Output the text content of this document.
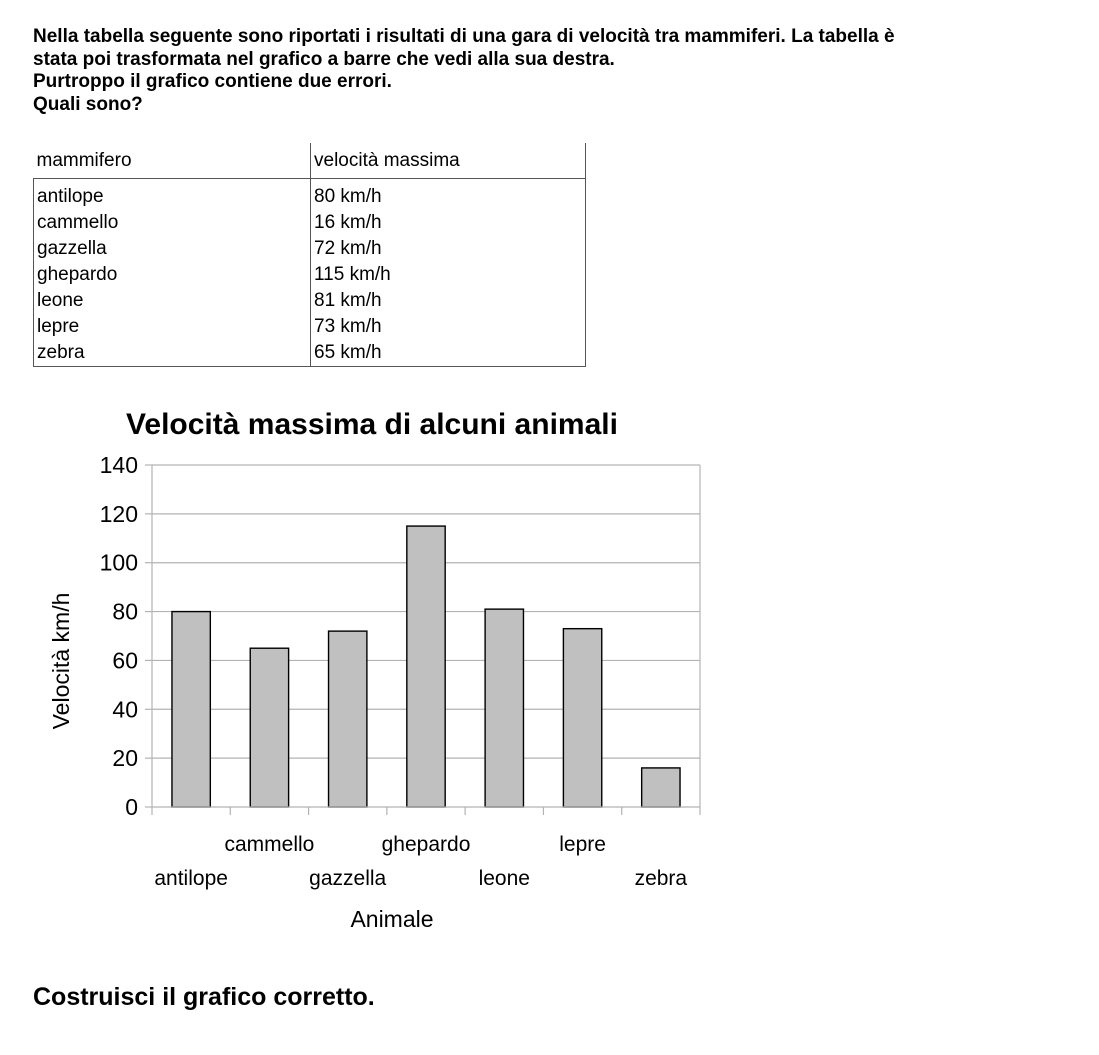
Nella tabella seguente sono riportati i risultati di una gara di velocità tra mammiferi. La tabella è
stata poi trasformata nel grafico a barre che vedi alla sua destra.
Purtroppo il grafico contiene due errori.
Quali sono?
mammifero	velocità massima
antilope	80 km/h
cammello	16 km/h
gazzella	72 km/h
ghepardo	115 km/h
leone	81 km/h
lepre	73 km/h
zebra	65 km/h
Velocità massima di alcuni animali
0
20
40
60
80
100
120
140
antilope
cammello
gazzella
ghepardo
leone
lepre
zebra
Animale
Velocità km/h
Costruisci il grafico corretto.
